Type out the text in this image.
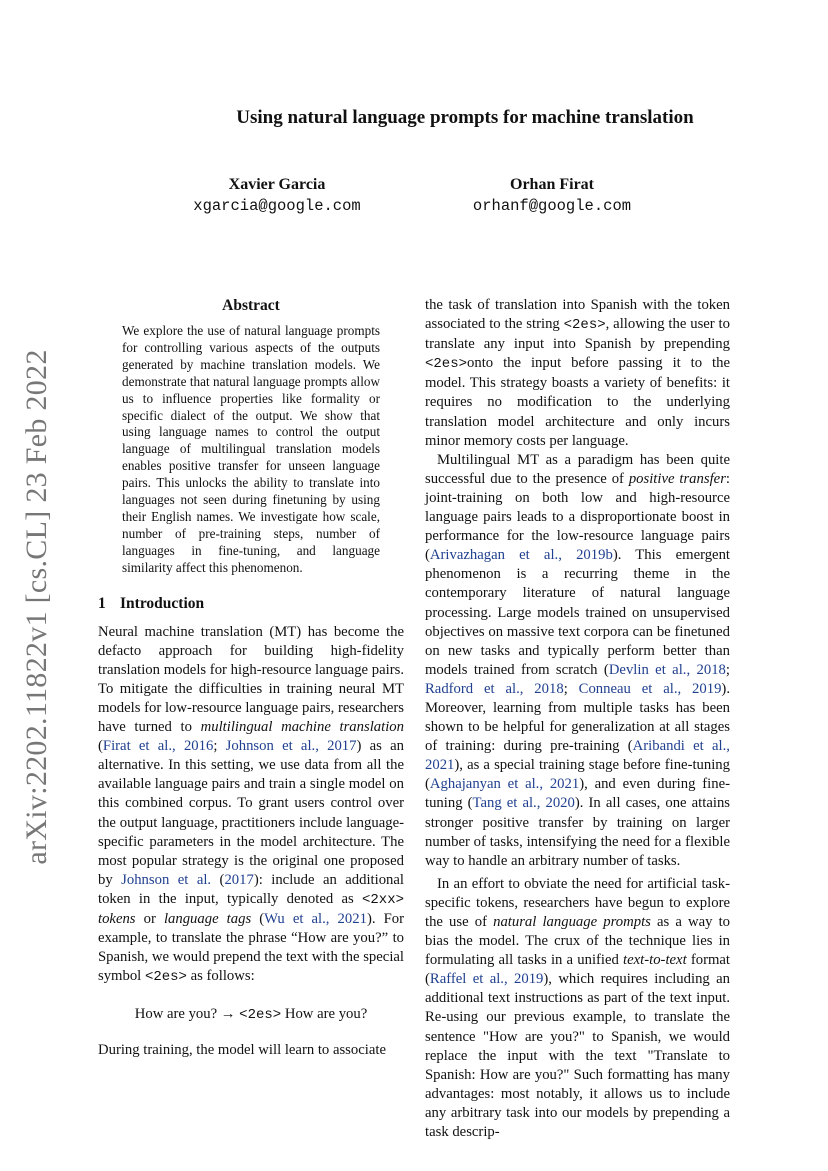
arXiv:2202.11822v1 [cs.CL] 23 Feb 2022
Using natural language prompts for machine translation
Xavier Garcia
xgarcia@google.com
Orhan Firat
orhanf@google.com
Abstract

We explore the use of natural language prompts for controlling various aspects of the outputs generated by machine translation models. We demonstrate that natural language prompts allow us to influence properties like formality or specific dialect of the output. We show that using language names to control the output language of multilingual translation models enables positive transfer for unseen language pairs. This unlocks the ability to translate into languages not seen during finetuning by using their English names. We investigate how scale, number of pre-training steps, number of languages in fine-tuning, and language similarity affect this phenomenon.

1 Introduction

Neural machine translation (MT) has become the defacto approach for building high-fidelity translation models for high-resource language pairs. To mitigate the difficulties in training neural MT models for low-resource language pairs, researchers have turned to multilingual machine translation (Firat et al., 2016; Johnson et al., 2017) as an alternative. In this setting, we use data from all the available language pairs and train a single model on this combined corpus. To grant users control over the output language, practitioners include language-specific parameters in the model architecture. The most popular strategy is the original one proposed by Johnson et al. (2017): include an additional token in the input, typically denoted as <2xx> tokens or language tags (Wu et al., 2021). For example, to translate the phrase “How are you?” to Spanish, we would prepend the text with the special symbol <2es> as follows:

How are you? → <2es> How are you?

During training, the model will learn to associate

the task of translation into Spanish with the token associated to the string <2es>, allowing the user to translate any input into Spanish by prepending <2es>onto the input before passing it to the model. This strategy boasts a variety of benefits: it requires no modification to the underlying translation model architecture and only incurs minor memory costs per language.

Multilingual MT as a paradigm has been quite successful due to the presence of positive transfer: joint-training on both low and high-resource language pairs leads to a disproportionate boost in performance for the low-resource language pairs (Arivazhagan et al., 2019b). This emergent phenomenon is a recurring theme in the contemporary literature of natural language processing. Large models trained on unsupervised objectives on massive text corpora can be finetuned on new tasks and typically perform better than models trained from scratch (Devlin et al., 2018; Radford et al., 2018; Conneau et al., 2019). Moreover, learning from multiple tasks has been shown to be helpful for generalization at all stages of training: during pre-training (Aribandi et al., 2021), as a special training stage before fine-tuning (Aghajanyan et al., 2021), and even during fine-tuning (Tang et al., 2020). In all cases, one attains stronger positive transfer by training on larger number of tasks, intensifying the need for a flexible way to handle an arbitrary number of tasks.

In an effort to obviate the need for artificial task-specific tokens, researchers have begun to explore the use of natural language prompts as a way to bias the model. The crux of the technique lies in formulating all tasks in a unified text-to-text format (Raffel et al., 2019), which requires including an additional text instructions as part of the text input. Re-using our previous example, to translate the sentence "How are you?" to Spanish, we would replace the input with the text "Translate to Spanish: How are you?" Such formatting has many advantages: most notably, it allows us to include any arbitrary task into our models by prepending a task descrip-
